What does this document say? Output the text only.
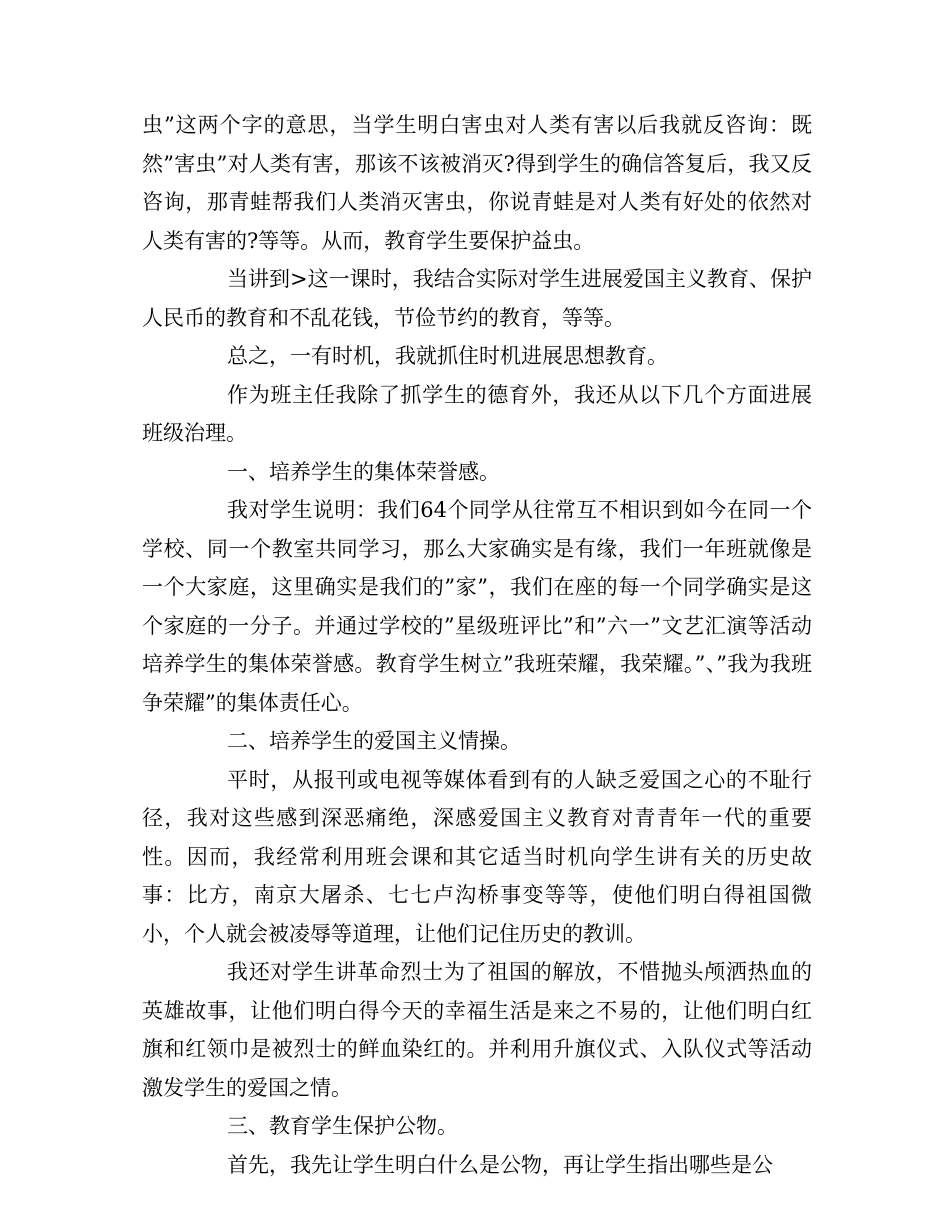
虫”这两个字的意思，当学生明白害虫对人类有害以后我就反咨询：既然”害虫”对人类有害，那该不该被消灭?得到学生的确信答复后，我又反咨询，那青蛙帮我们人类消灭害虫，你说青蛙是对人类有好处的依然对人类有害的?等等。从而，教育学生要保护益虫。

当讲到>这一课时，我结合实际对学生进展爱国主义教育、保护人民币的教育和不乱花钱，节俭节约的教育，等等。

总之，一有时机，我就抓住时机进展思想教育。

作为班主任我除了抓学生的德育外，我还从以下几个方面进展班级治理。

一、培养学生的集体荣誉感。

我对学生说明：我们64个同学从往常互不相识到如今在同一个学校、同一个教室共同学习，那么大家确实是有缘，我们一年班就像是一个大家庭，这里确实是我们的”家”，我们在座的每一个同学确实是这个家庭的一分子。并通过学校的”星级班评比”和”六一”文艺汇演等活动培养学生的集体荣誉感。教育学生树立”我班荣耀，我荣耀。”、”我为我班争荣耀”的集体责任心。

二、培养学生的爱国主义情操。

平时，从报刊或电视等媒体看到有的人缺乏爱国之心的不耻行径，我对这些感到深恶痛绝，深感爱国主义教育对青青年一代的重要性。因而，我经常利用班会课和其它适当时机向学生讲有关的历史故事：比方，南京大屠杀、七七卢沟桥事变等等，使他们明白得祖国微小，个人就会被凌辱等道理，让他们记住历史的教训。

我还对学生讲革命烈士为了祖国的解放，不惜抛头颅洒热血的英雄故事，让他们明白得今天的幸福生活是来之不易的，让他们明白红旗和红领巾是被烈士的鲜血染红的。并利用升旗仪式、入队仪式等活动激发学生的爱国之情。

三、教育学生保护公物。

首先，我先让学生明白什么是公物，再让学生指出哪些是公
